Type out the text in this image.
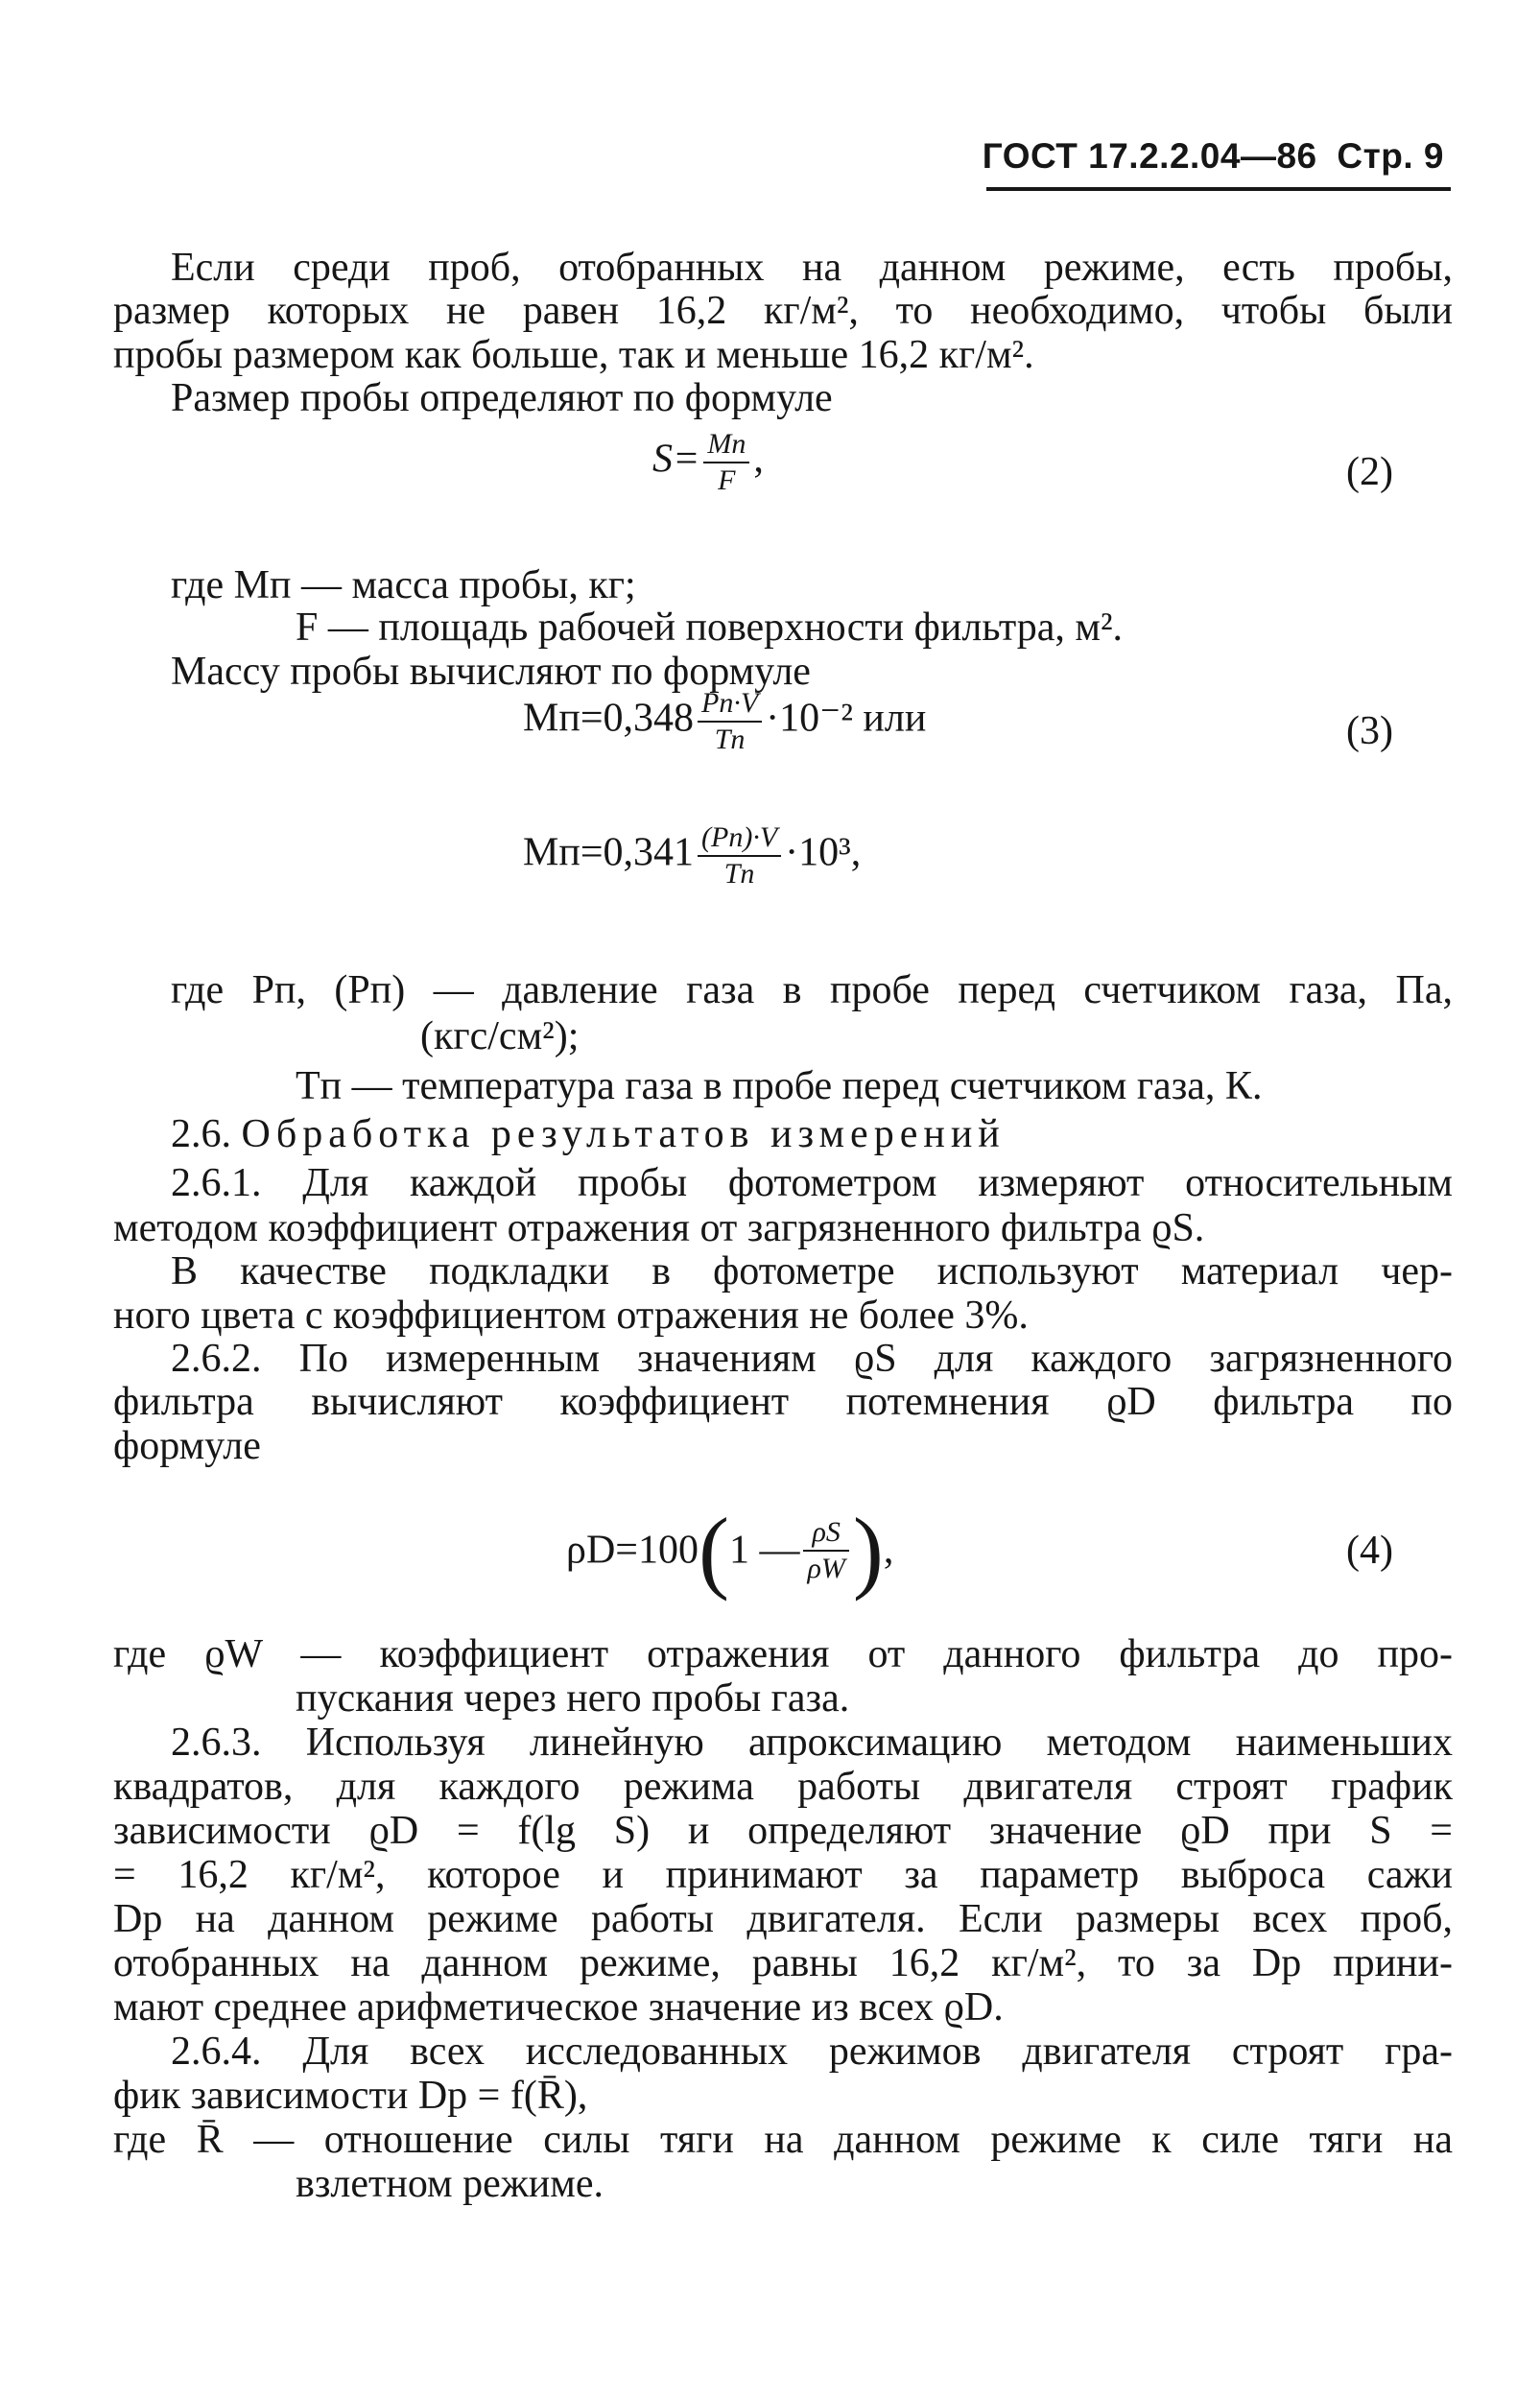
ГОСТ 17.2.2.04—86 Стр. 9
Если среди проб, отобранных на данном режиме, есть пробы,
размер которых не равен 16,2 кг/м², то необходимо, чтобы были
пробы размером как больше, так и меньше 16,2 кг/м².
Размер пробы определяют по формуле
где Mп — масса пробы, кг;
F — площадь рабочей поверхности фильтра, м².
Массу пробы вычисляют по формуле
где Pп, (Pп) — давление газа в пробе перед счетчиком газа, Па,
(кгс/см²);
Tп — температура газа в пробе перед счетчиком газа, К.
2.6. Обработка результатов измерений
2.6.1. Для каждой пробы фотометром измеряют относительным
методом коэффициент отражения от загрязненного фильтра ϱS.
В качестве подкладки в фотометре используют материал чер-
ного цвета с коэффициентом отражения не более 3%.
2.6.2. По измеренным значениям ϱS для каждого загрязненного
фильтра вычисляют коэффициент потемнения ϱD фильтра по
формуле
где ϱW — коэффициент отражения от данного фильтра до про-
пускания через него пробы газа.
2.6.3. Используя линейную апроксимацию методом наименьших
квадратов, для каждого режима работы двигателя строят график
зависимости ϱD = f(lg S) и определяют значение ϱD при S =
= 16,2 кг/м², которое и принимают за параметр выброса сажи
Dр на данном режиме работы двигателя. Если размеры всех проб,
отобранных на данном режиме, равны 16,2 кг/м², то за Dр прини-
мают среднее арифметическое значение из всех ϱD.
2.6.4. Для всех исследованных режимов двигателя строят гра-
фик зависимости Dр = f(R̄),
где R̄ — отношение силы тяги на данном режиме к силе тяги на
взлетном режиме.
$S= \frac{Mп}{F}$ ,	(2)
$Mп=0,348 \frac{Pп\cdot V}{Tп} \cdot 10^{-2}$ или	(3)
$Mп=0,341 \frac{(Pп)\cdot V}{Tп} \cdot 10^3$,
ρD=100(1 — $\frac{\rho S}{\rho W}$ ),	(4)
